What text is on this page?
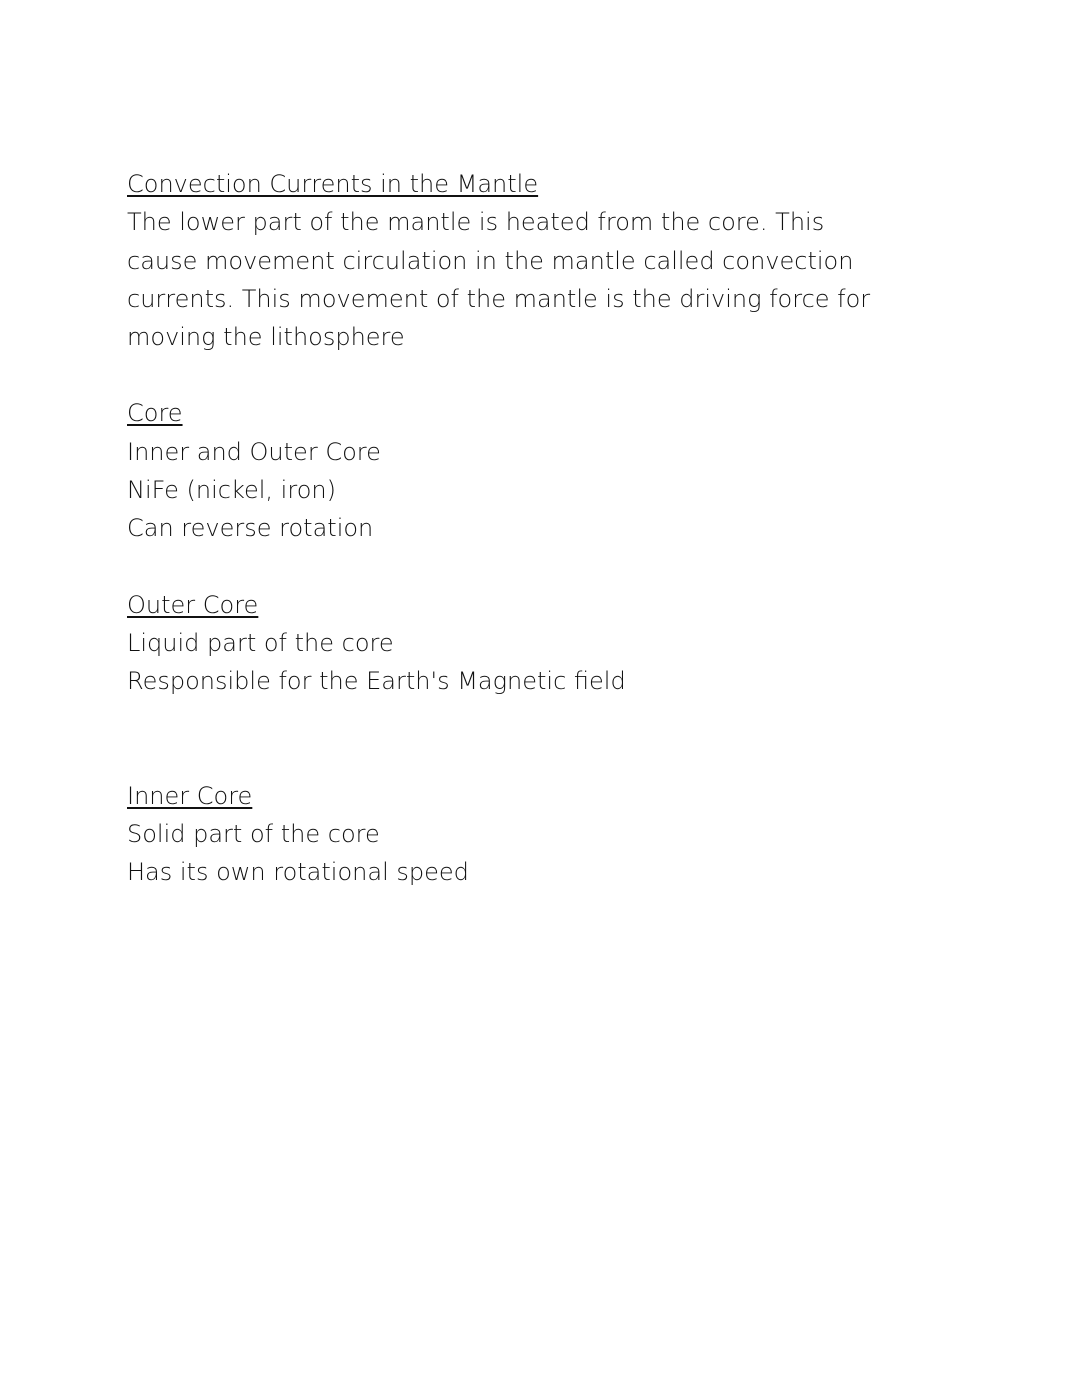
Convection Currents in the Mantle

The lower part of the mantle is heated from the core. This cause movement circulation in the mantle called convection currents. This movement of the mantle is the driving force for moving the lithosphere

Core

Inner and Outer Core

NiFe (nickel, iron)

Can reverse rotation

Outer Core

Liquid part of the core

Responsible for the Earth's Magnetic field

Inner Core

Solid part of the core

Has its own rotational speed
